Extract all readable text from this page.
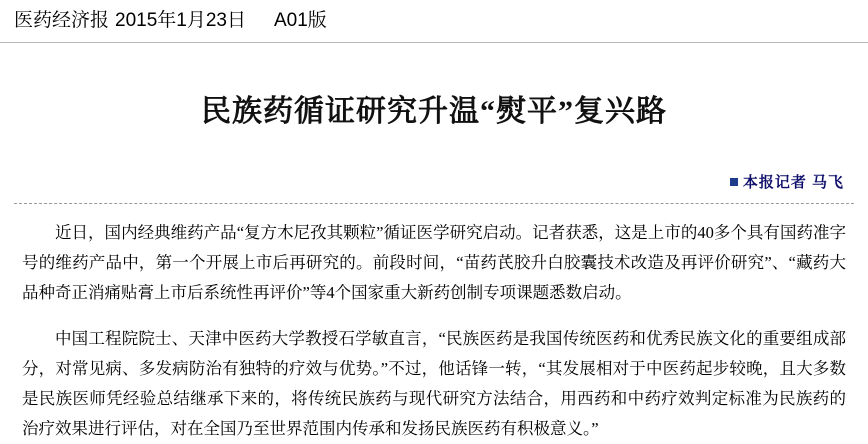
医药经济报 2015年1月23日 A01版
民族药循证研究升温“熨平”复兴路
本报记者 马飞

近日，国内经典维药产品“复方木尼孜其颗粒”循证医学研究启动。记者获悉，这是上市的40多个具有国药准字号的维药产品中，第一个开展上市后再研究的。前段时间，“苗药芪胶升白胶囊技术改造及再评价研究”、“藏药大品种奇正消痛贴膏上市后系统性再评价”等4个国家重大新药创制专项课题悉数启动。

中国工程院院士、天津中医药大学教授石学敏直言，“民族医药是我国传统医药和优秀民族文化的重要组成部分，对常见病、多发病防治有独特的疗效与优势。”不过，他话锋一转，“其发展相对于中医药起步较晚，且大多数是民族医师凭经验总结继承下来的，将传统民族药与现代研究方法结合，用西药和中药疗效判定标准为民族药的治疗效果进行评估，对在全国乃至世界范围内传承和发扬民族医药有积极意义。”
